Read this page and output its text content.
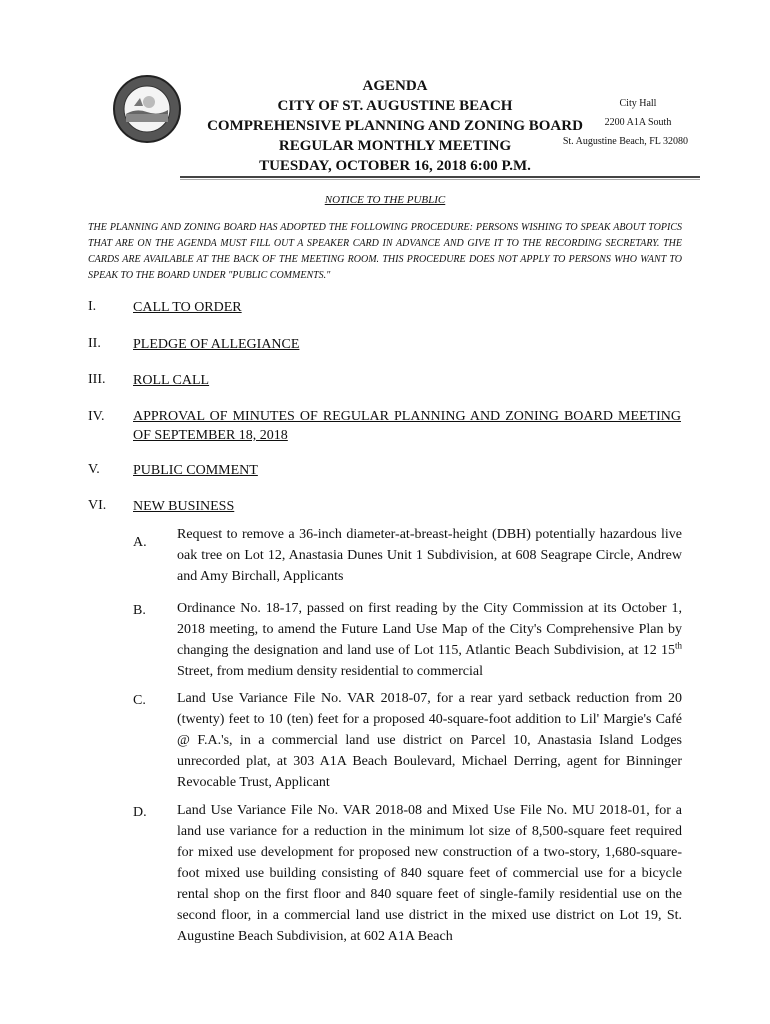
AGENDA
CITY OF ST. AUGUSTINE BEACH
COMPREHENSIVE PLANNING AND ZONING BOARD
REGULAR MONTHLY MEETING
TUESDAY, OCTOBER 16, 2018 6:00 P.M.
City Hall
2200 A1A South
St. Augustine Beach, FL 32080
NOTICE TO THE PUBLIC
THE PLANNING AND ZONING BOARD HAS ADOPTED THE FOLLOWING PROCEDURE: PERSONS WISHING TO SPEAK ABOUT TOPICS THAT ARE ON THE AGENDA MUST FILL OUT A SPEAKER CARD IN ADVANCE AND GIVE IT TO THE RECORDING SECRETARY. THE CARDS ARE AVAILABLE AT THE BACK OF THE MEETING ROOM. THIS PROCEDURE DOES NOT APPLY TO PERSONS WHO WANT TO SPEAK TO THE BOARD UNDER "PUBLIC COMMENTS."
I.	CALL TO ORDER
II. PLEDGE OF ALLEGIANCE
III. ROLL CALL
IV. APPROVAL OF MINUTES OF REGULAR PLANNING AND ZONING BOARD MEETING OF SEPTEMBER 18, 2018
V. PUBLIC COMMENT
VI. NEW BUSINESS
A.
Request to remove a 36-inch diameter-at-breast-height (DBH) potentially hazardous live oak tree on Lot 12, Anastasia Dunes Unit 1 Subdivision, at 608 Seagrape Circle, Andrew and Amy Birchall, Applicants
B. Ordinance No. 18-17, passed on first reading by the City Commission at its October 1, 2018 meeting, to amend the Future Land Use Map of the City's Comprehensive Plan by changing the designation and land use of Lot 115, Atlantic Beach Subdivision, at 12 15th Street, from medium density residential to commercial
C. Land Use Variance File No. VAR 2018-07, for a rear yard setback reduction from 20 (twenty) feet to 10 (ten) feet for a proposed 40-square-foot addition to Lil' Margie's Café @ F.A.'s, in a commercial land use district on Parcel 10, Anastasia Island Lodges unrecorded plat, at 303 A1A Beach Boulevard, Michael Derring, agent for Binninger Revocable Trust, Applicant
D. Land Use Variance File No. VAR 2018-08 and Mixed Use File No. MU 2018-01, for a land use variance for a reduction in the minimum lot size of 8,500-square feet required for mixed use development for proposed new construction of a two-story, 1,680-square-foot mixed use building consisting of 840 square feet of commercial use for a bicycle rental shop on the first floor and 840 square feet of single-family residential use on the second floor, in a commercial land use district in the mixed use district on Lot 19, St. Augustine Beach Subdivision, at 602 A1A Beach
